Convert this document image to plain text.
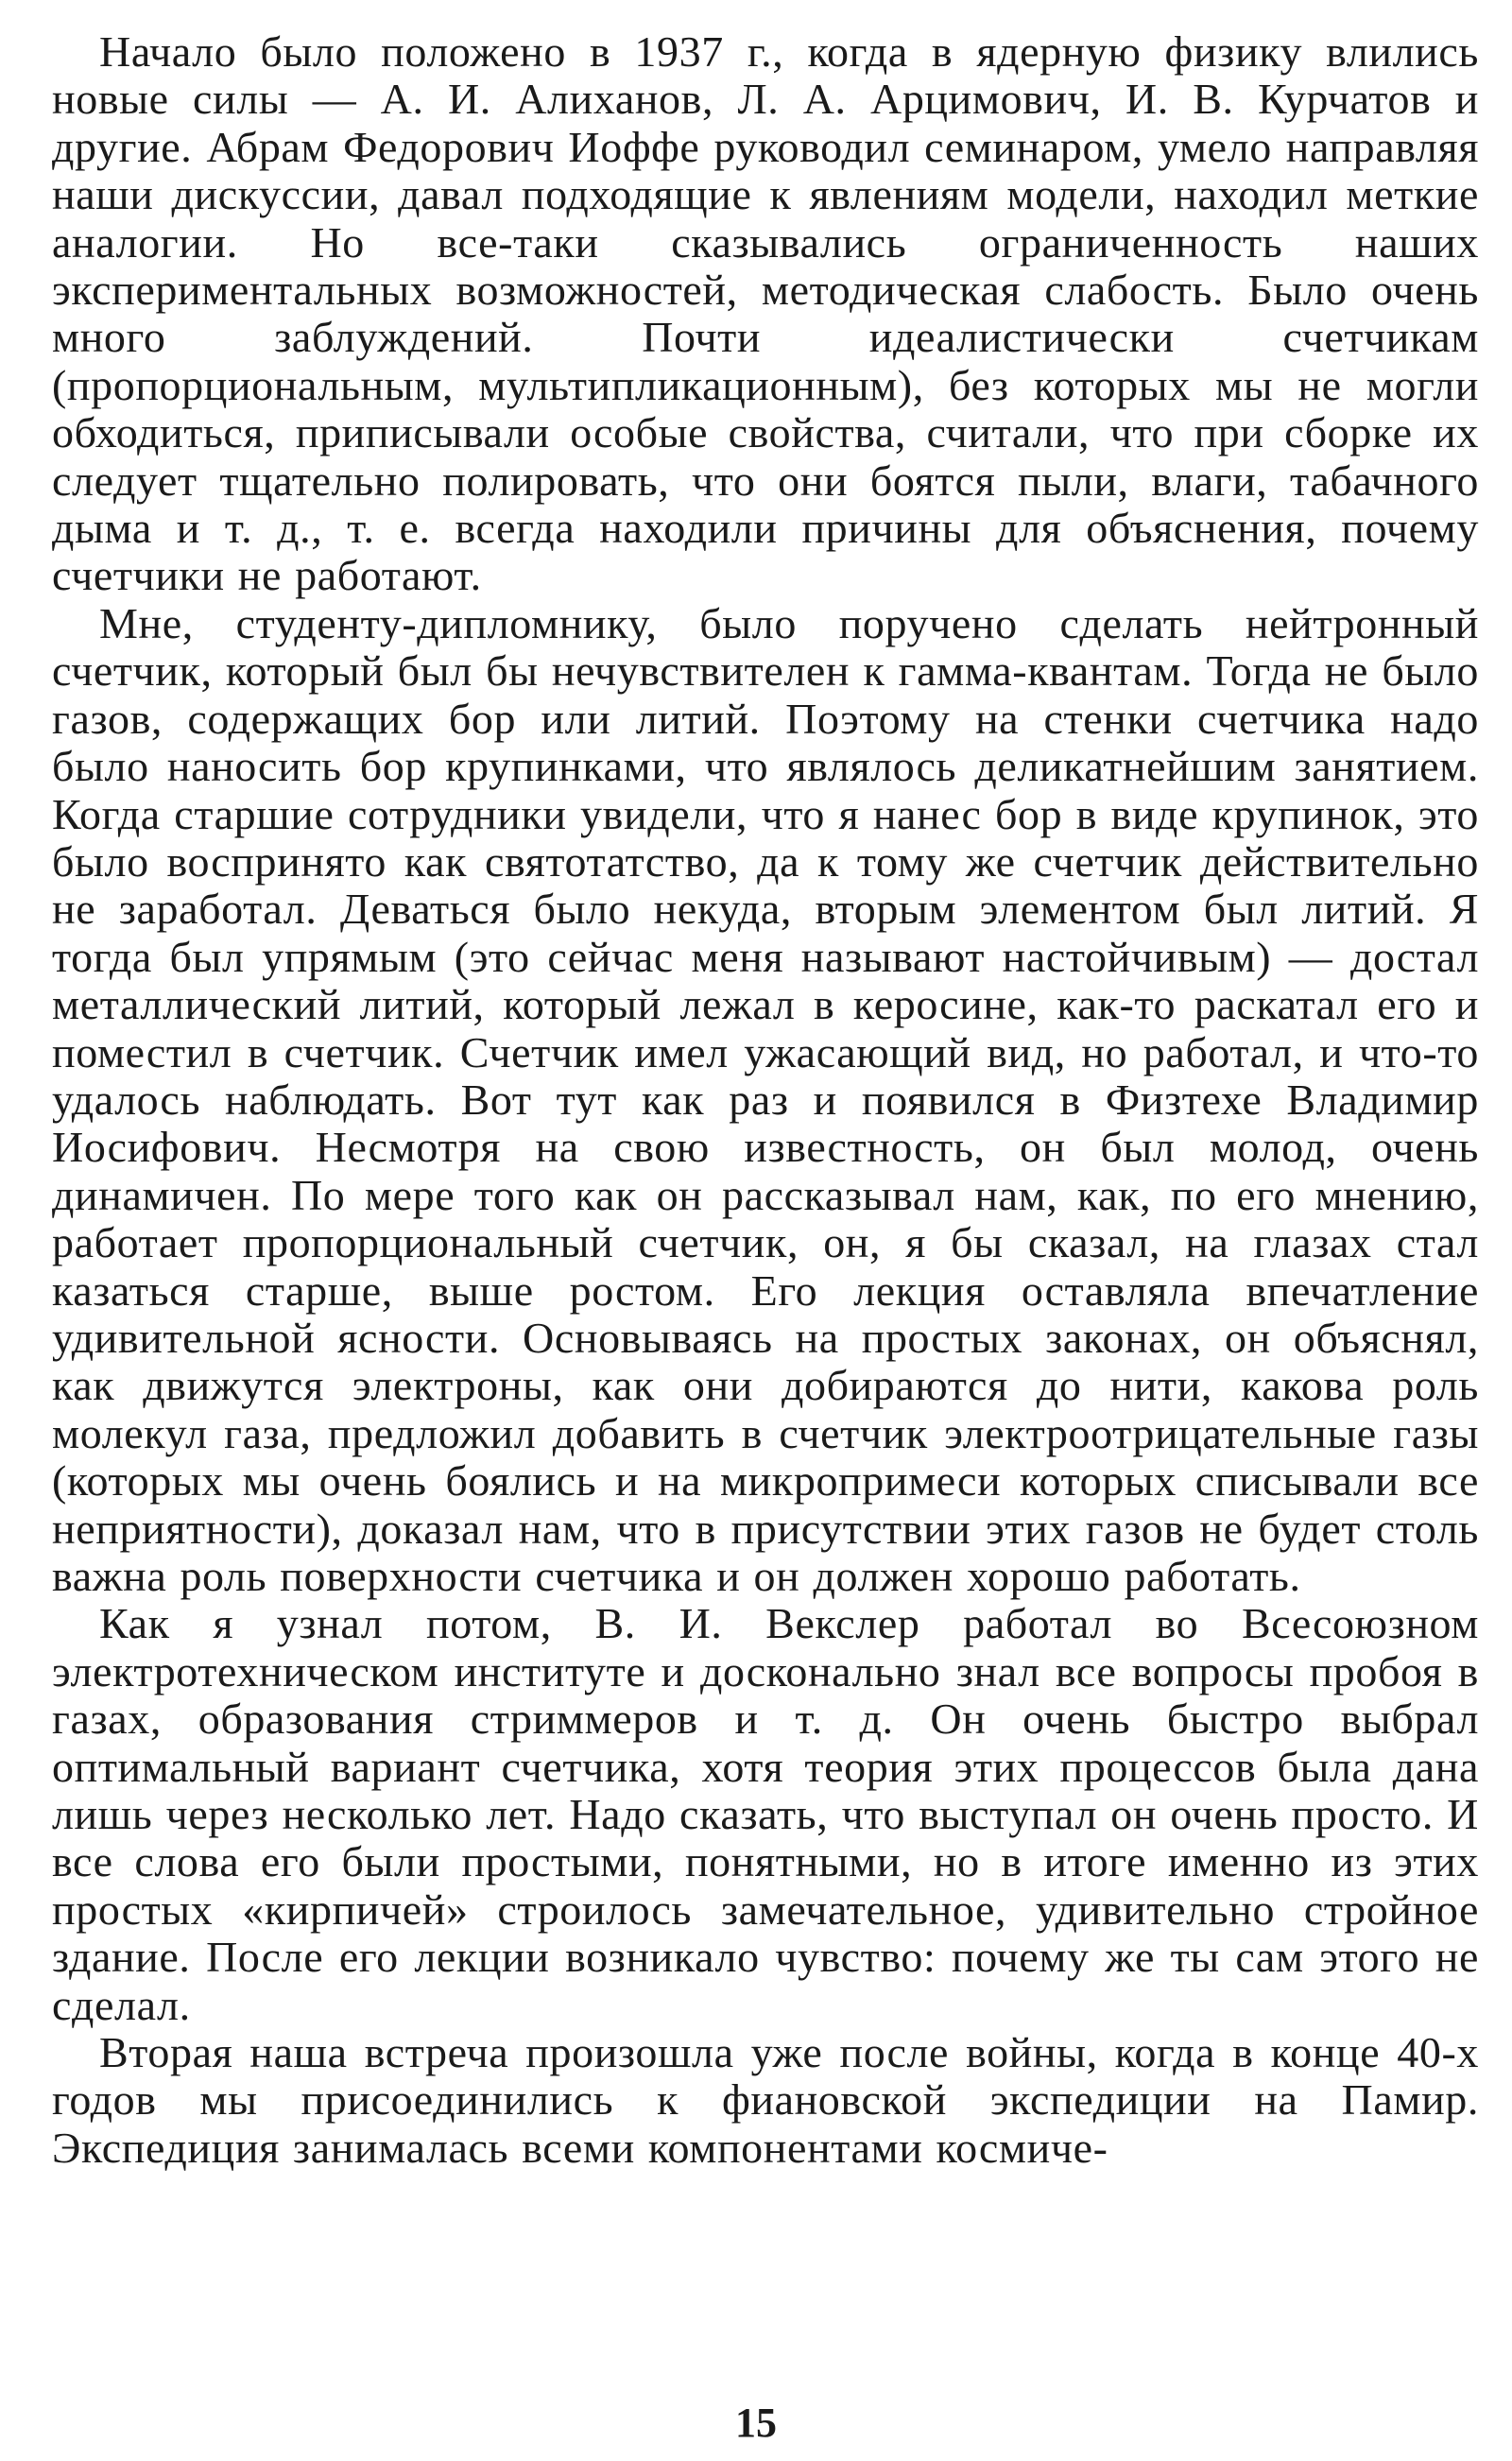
Начало было положено в 1937 г., когда в ядерную физику влились новые силы — А. И. Алиханов, Л. А. Арцимович, И. В. Курчатов и другие. Абрам Федорович Иоффе руководил семинаром, умело направляя наши дискуссии, давал подходящие к явлениям модели, находил меткие аналогии. Но все-таки сказывались ограниченность наших экспериментальных возможностей, методическая слабость. Было очень много заблуждений. Почти идеалистически счетчикам (пропорциональным, мультипликационным), без которых мы не могли обходиться, приписывали особые свойства, считали, что при сборке их следует тщательно полировать, что они боятся пыли, влаги, табачного дыма и т. д., т. е. всегда находили причины для объяснения, почему счетчики не работают.

Мне, студенту-дипломнику, было поручено сделать нейтронный счетчик, который был бы нечувствителен к гамма-квантам. Тогда не было газов, содержащих бор или литий. Поэтому на стенки счетчика надо было наносить бор крупинками, что являлось деликатнейшим занятием. Когда старшие сотрудники увидели, что я нанес бор в виде крупинок, это было воспринято как святотатство, да к тому же счетчик действительно не заработал. Деваться было некуда, вторым элементом был литий. Я тогда был упрямым (это сейчас меня называют настойчивым) — достал металлический литий, который лежал в керосине, как-то раскатал его и поместил в счетчик. Счетчик имел ужасающий вид, но работал, и что-то удалось наблюдать. Вот тут как раз и появился в Физтехе Владимир Иосифович. Несмотря на свою известность, он был молод, очень динамичен. По мере того как он рассказывал нам, как, по его мнению, работает пропорциональный счетчик, он, я бы сказал, на глазах стал казаться старше, выше ростом. Его лекция оставляла впечатление удивительной ясности. Основываясь на простых законах, он объяснял, как движутся электроны, как они добираются до нити, какова роль молекул газа, предложил добавить в счетчик электроотрицательные газы (которых мы очень боялись и на микропримеси которых списывали все неприятности), доказал нам, что в присутствии этих газов не будет столь важна роль поверхности счетчика и он должен хорошо работать.

Как я узнал потом, В. И. Векслер работал во Всесоюзном электротехническом институте и досконально знал все вопросы пробоя в газах, образования стриммеров и т. д. Он очень быстро выбрал оптимальный вариант счетчика, хотя теория этих процессов была дана лишь через несколько лет. Надо сказать, что выступал он очень просто. И все слова его были простыми, понятными, но в итоге именно из этих простых «кирпичей» строилось замечательное, удивительно стройное здание. После его лекции возникало чувство: почему же ты сам этого не сделал.

Вторая наша встреча произошла уже после войны, когда в конце 40-х годов мы присоединились к фиановской экспедиции на Памир. Экспедиция занималась всеми компонентами космиче-

15
